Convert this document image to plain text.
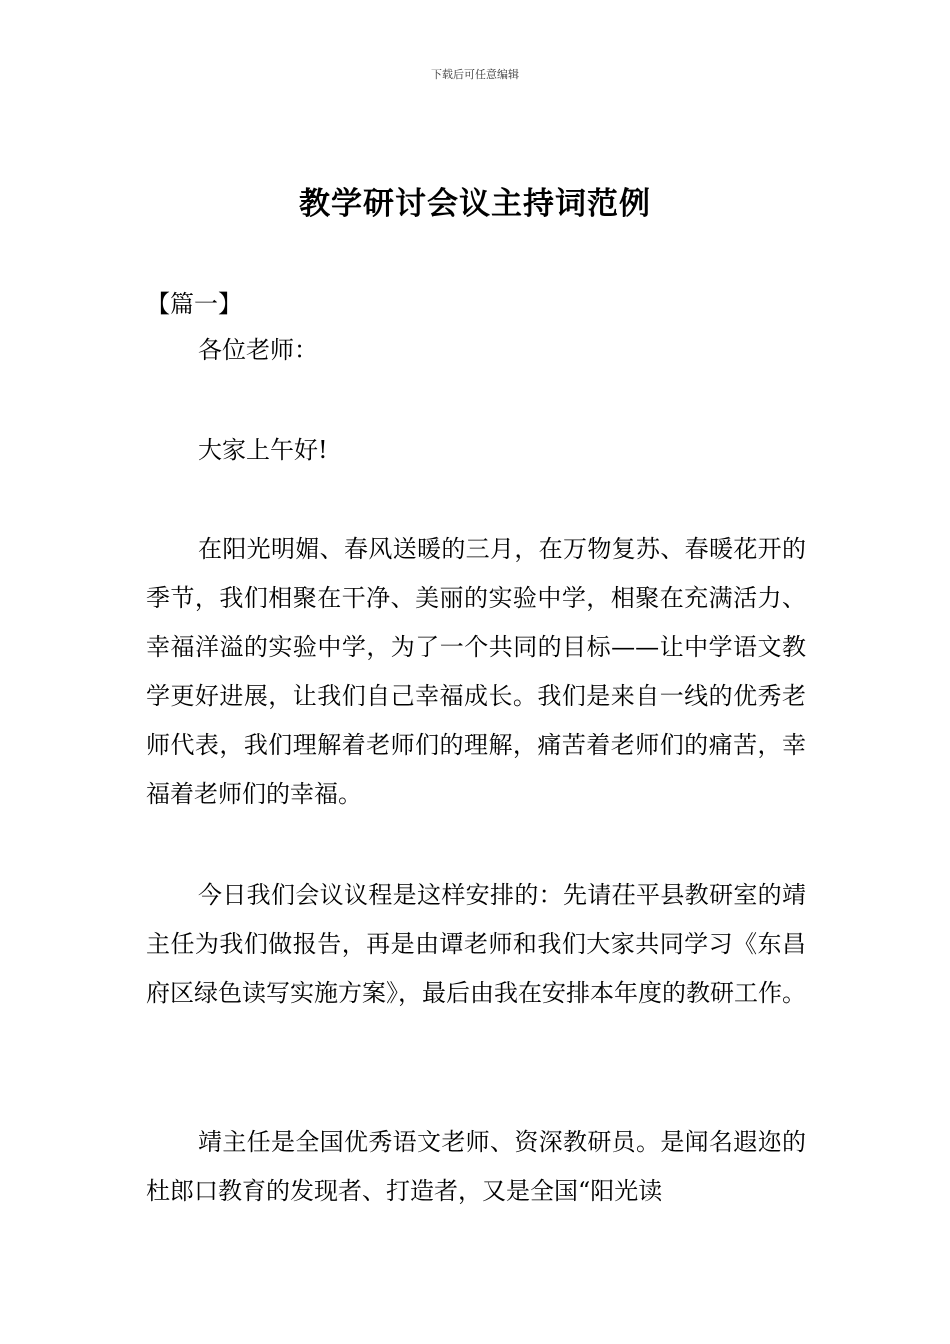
下载后可任意编辑
教学研讨会议主持词范例
【篇一】

各位老师：

大家上午好!

在阳光明媚、春风送暖的三月，在万物复苏、春暖花开的季节，我们相聚在干净、美丽的实验中学，相聚在充满活力、幸福洋溢的实验中学，为了一个共同的目标——让中学语文教学更好进展，让我们自己幸福成长。我们是来自一线的优秀老师代表，我们理解着老师们的理解，痛苦着老师们的痛苦，幸福着老师们的幸福。

今日我们会议议程是这样安排的：先请茌平县教研室的靖主任为我们做报告，再是由谭老师和我们大家共同学习《东昌府区绿色读写实施方案》，最后由我在安排本年度的教研工作。

靖主任是全国优秀语文老师、资深教研员。是闻名遐迩的杜郎口教育的发现者、打造者，又是全国“阳光读
